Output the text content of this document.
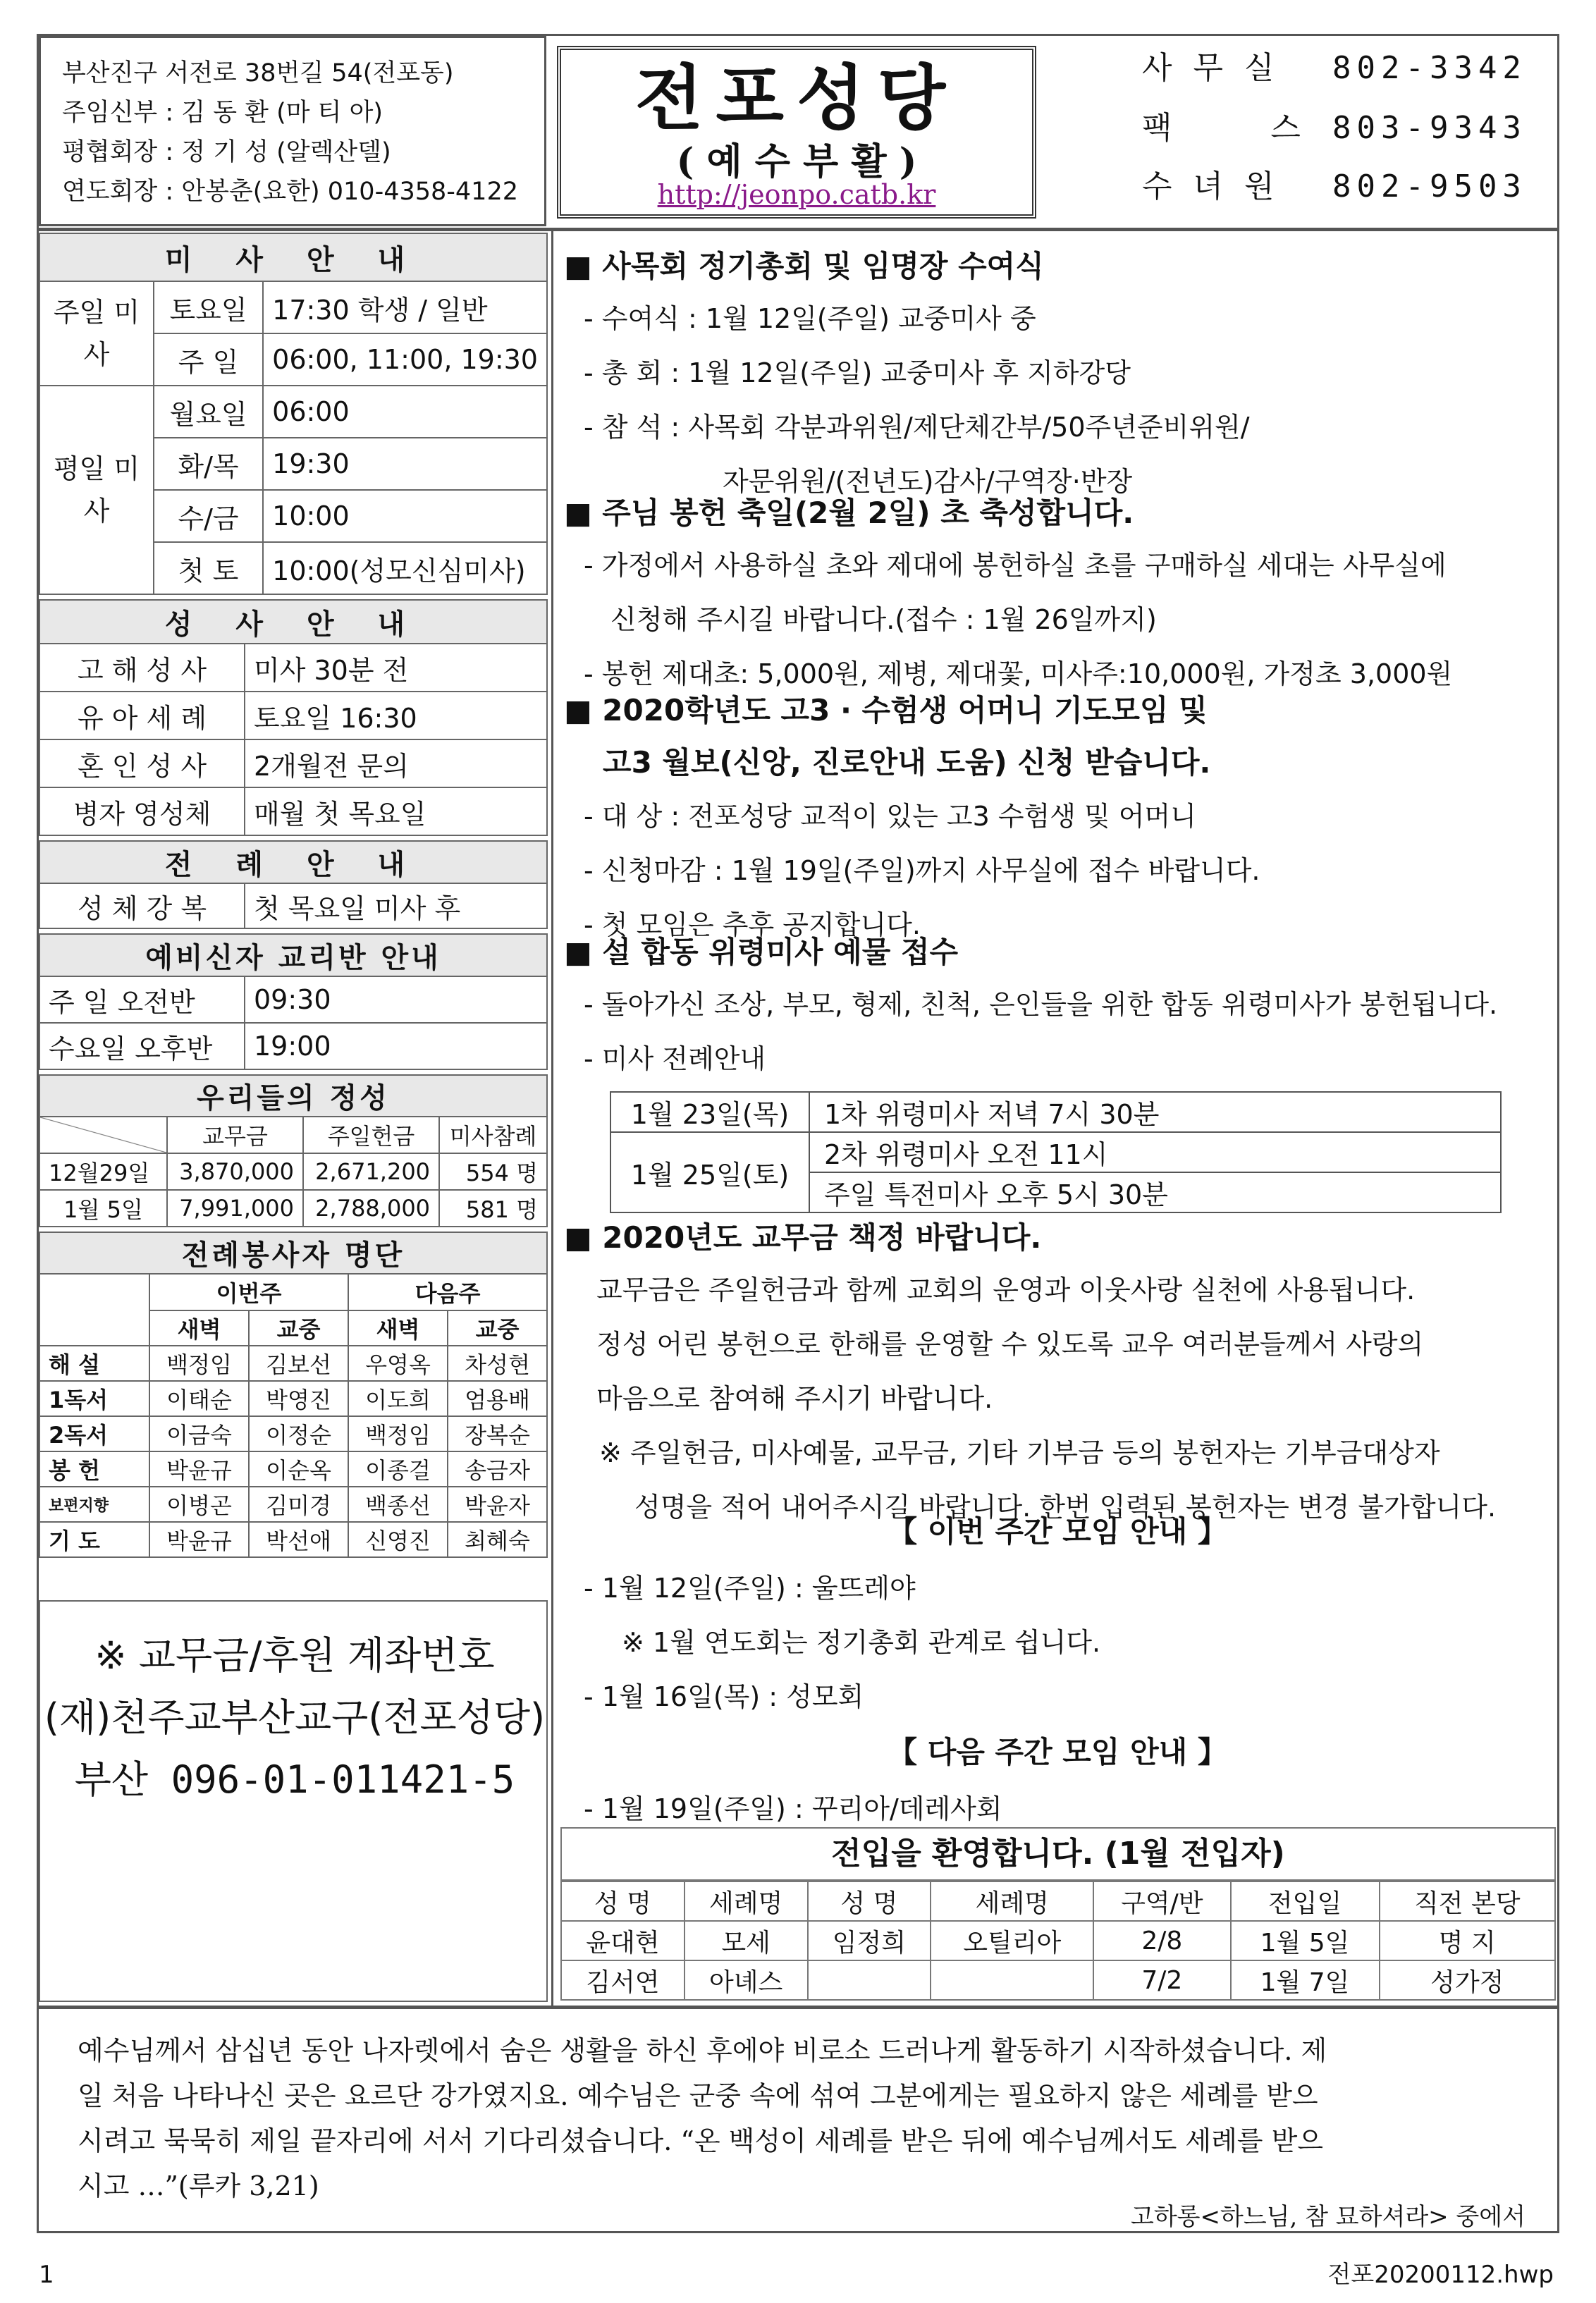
부산진구 서전로 38번길 54(전포동)
주임신부 : 김 동 환 (마 티 아)
평협회장 : 정 기 성 (알렉산델)
연도회장 : 안봉춘(요한) 010-4358-4122
전포성당
( 예 수 부 활 )
http://jeonpo.catb.kr
사 무 실 802-3342
팩      스 803-9343
수 녀 원 802-9503
미 사 안 내		
주일 미사	토요일	17:30 학생 / 일반
	주 일	06:00, 11:00, 19:30
평일 미사	월요일	06:00
	화/목	19:30
	수/금	10:00
	첫 토	10:00(성모신심미사)
성 사 안 내	
고 해 성 사	미사 30분 전
유 아 세 례	토요일 16:30
혼 인 성 사	2개월전 문의
병자 영성체	매월 첫 목요일
전 례 안 내
성 체 강 복	첫 목요일 미사 후
예비신자 교리반 안내	
주 일 오전반	09:30
수요일 오후반	19:00
우리들의 정성			
	교무금	주일헌금	미사참례
12월29일	3,870,000	2,671,200	554 명
1월 5일	7,991,000	2,788,000	581 명
전례봉사자 명단				
	이번주		다음주	
	새벽	교중	새벽	교중
해 설	백정임	김보선	우영옥	차성현
1독서	이태순	박영진	이도희	엄용배
2독서	이금숙	이정순	백정임	장복순
봉 헌	박윤규	이순옥	이종걸	송금자
보편지향	이병곤	김미경	백종선	박윤자
기 도	박윤규	박선애	신영진	최혜숙
※ 교무금/후원 계좌번호
(재)천주교부산교구(전포성당)
부산 096-01-011421-5
■ 사목회 정기총회 및 임명장 수여식
- 수여식 : 1월 12일(주일) 교중미사 중
- 총 회 : 1월 12일(주일) 교중미사 후 지하강당
- 참 석 : 사목회 각분과위원/제단체간부/50주년준비위원/
자문위원/(전년도)감사/구역장·반장
■ 주님 봉헌 축일(2월 2일) 초 축성합니다.
- 가정에서 사용하실 초와 제대에 봉헌하실 초를 구매하실 세대는 사무실에
신청해 주시길 바랍니다.(접수 : 1월 26일까지)
- 봉헌 제대초: 5,000원, 제병, 제대꽃, 미사주:10,000원, 가정초 3,000원
■ 2020학년도 고3 · 수험생 어머니 기도모임 및
고3 월보(신앙, 진로안내 도움) 신청 받습니다.
- 대 상 : 전포성당 교적이 있는 고3 수험생 및 어머니
- 신청마감 : 1월 19일(주일)까지 사무실에 접수 바랍니다.
- 첫 모임은 추후 공지합니다.
■ 설 합동 위령미사 예물 접수
- 돌아가신 조상, 부모, 형제, 친척, 은인들을 위한 합동 위령미사가 봉헌됩니다.
- 미사 전례안내
1월 23일(목)	1차 위령미사 저녁 7시 30분
1월 25일(토)	2차 위령미사 오전 11시
	주일 특전미사 오후 5시 30분
■ 2020년도 교무금 책정 바랍니다.
교무금은 주일헌금과 함께 교회의 운영과 이웃사랑 실천에 사용됩니다.
정성 어린 봉헌으로 한해를 운영할 수 있도록 교우 여러분들께서 사랑의
마음으로 참여해 주시기 바랍니다.
※ 주일헌금, 미사예물, 교무금, 기타 기부금 등의 봉헌자는 기부금대상자
성명을 적어 내어주시길 바랍니다. 한번 입력된 봉헌자는 변경 불가합니다.
【 이번 주간 모임 안내 】
- 1월 12일(주일) : 울뜨레야
※ 1월 연도회는 정기총회 관계로 쉽니다.
- 1월 16일(목) : 성모회
【 다음 주간 모임 안내 】
- 1월 19일(주일) : 꾸리아/데레사회
전입을 환영합니다. (1월 전입자)
성 명	세례명	성 명	세례명	구역/반	전입일	직전 본당
윤대현	모세	임정희	오틸리아	2/8	1월 5일	명 지
김서연	아녜스			7/2	1월 7일	성가정
예수님께서 삼십년 동안 나자렛에서 숨은 생활을 하신 후에야 비로소 드러나게 활동하기 시작하셨습니다. 제
일 처음 나타나신 곳은 요르단 강가였지요. 예수님은 군중 속에 섞여 그분에게는 필요하지 않은 세례를 받으
시려고 묵묵히 제일 끝자리에 서서 기다리셨습니다. “온 백성이 세례를 받은 뒤에 예수님께서도 세례를 받으
시고 …”(루카 3,21)
고하롱<하느님, 참 묘하셔라> 중에서
1	전포20200112.hwp
